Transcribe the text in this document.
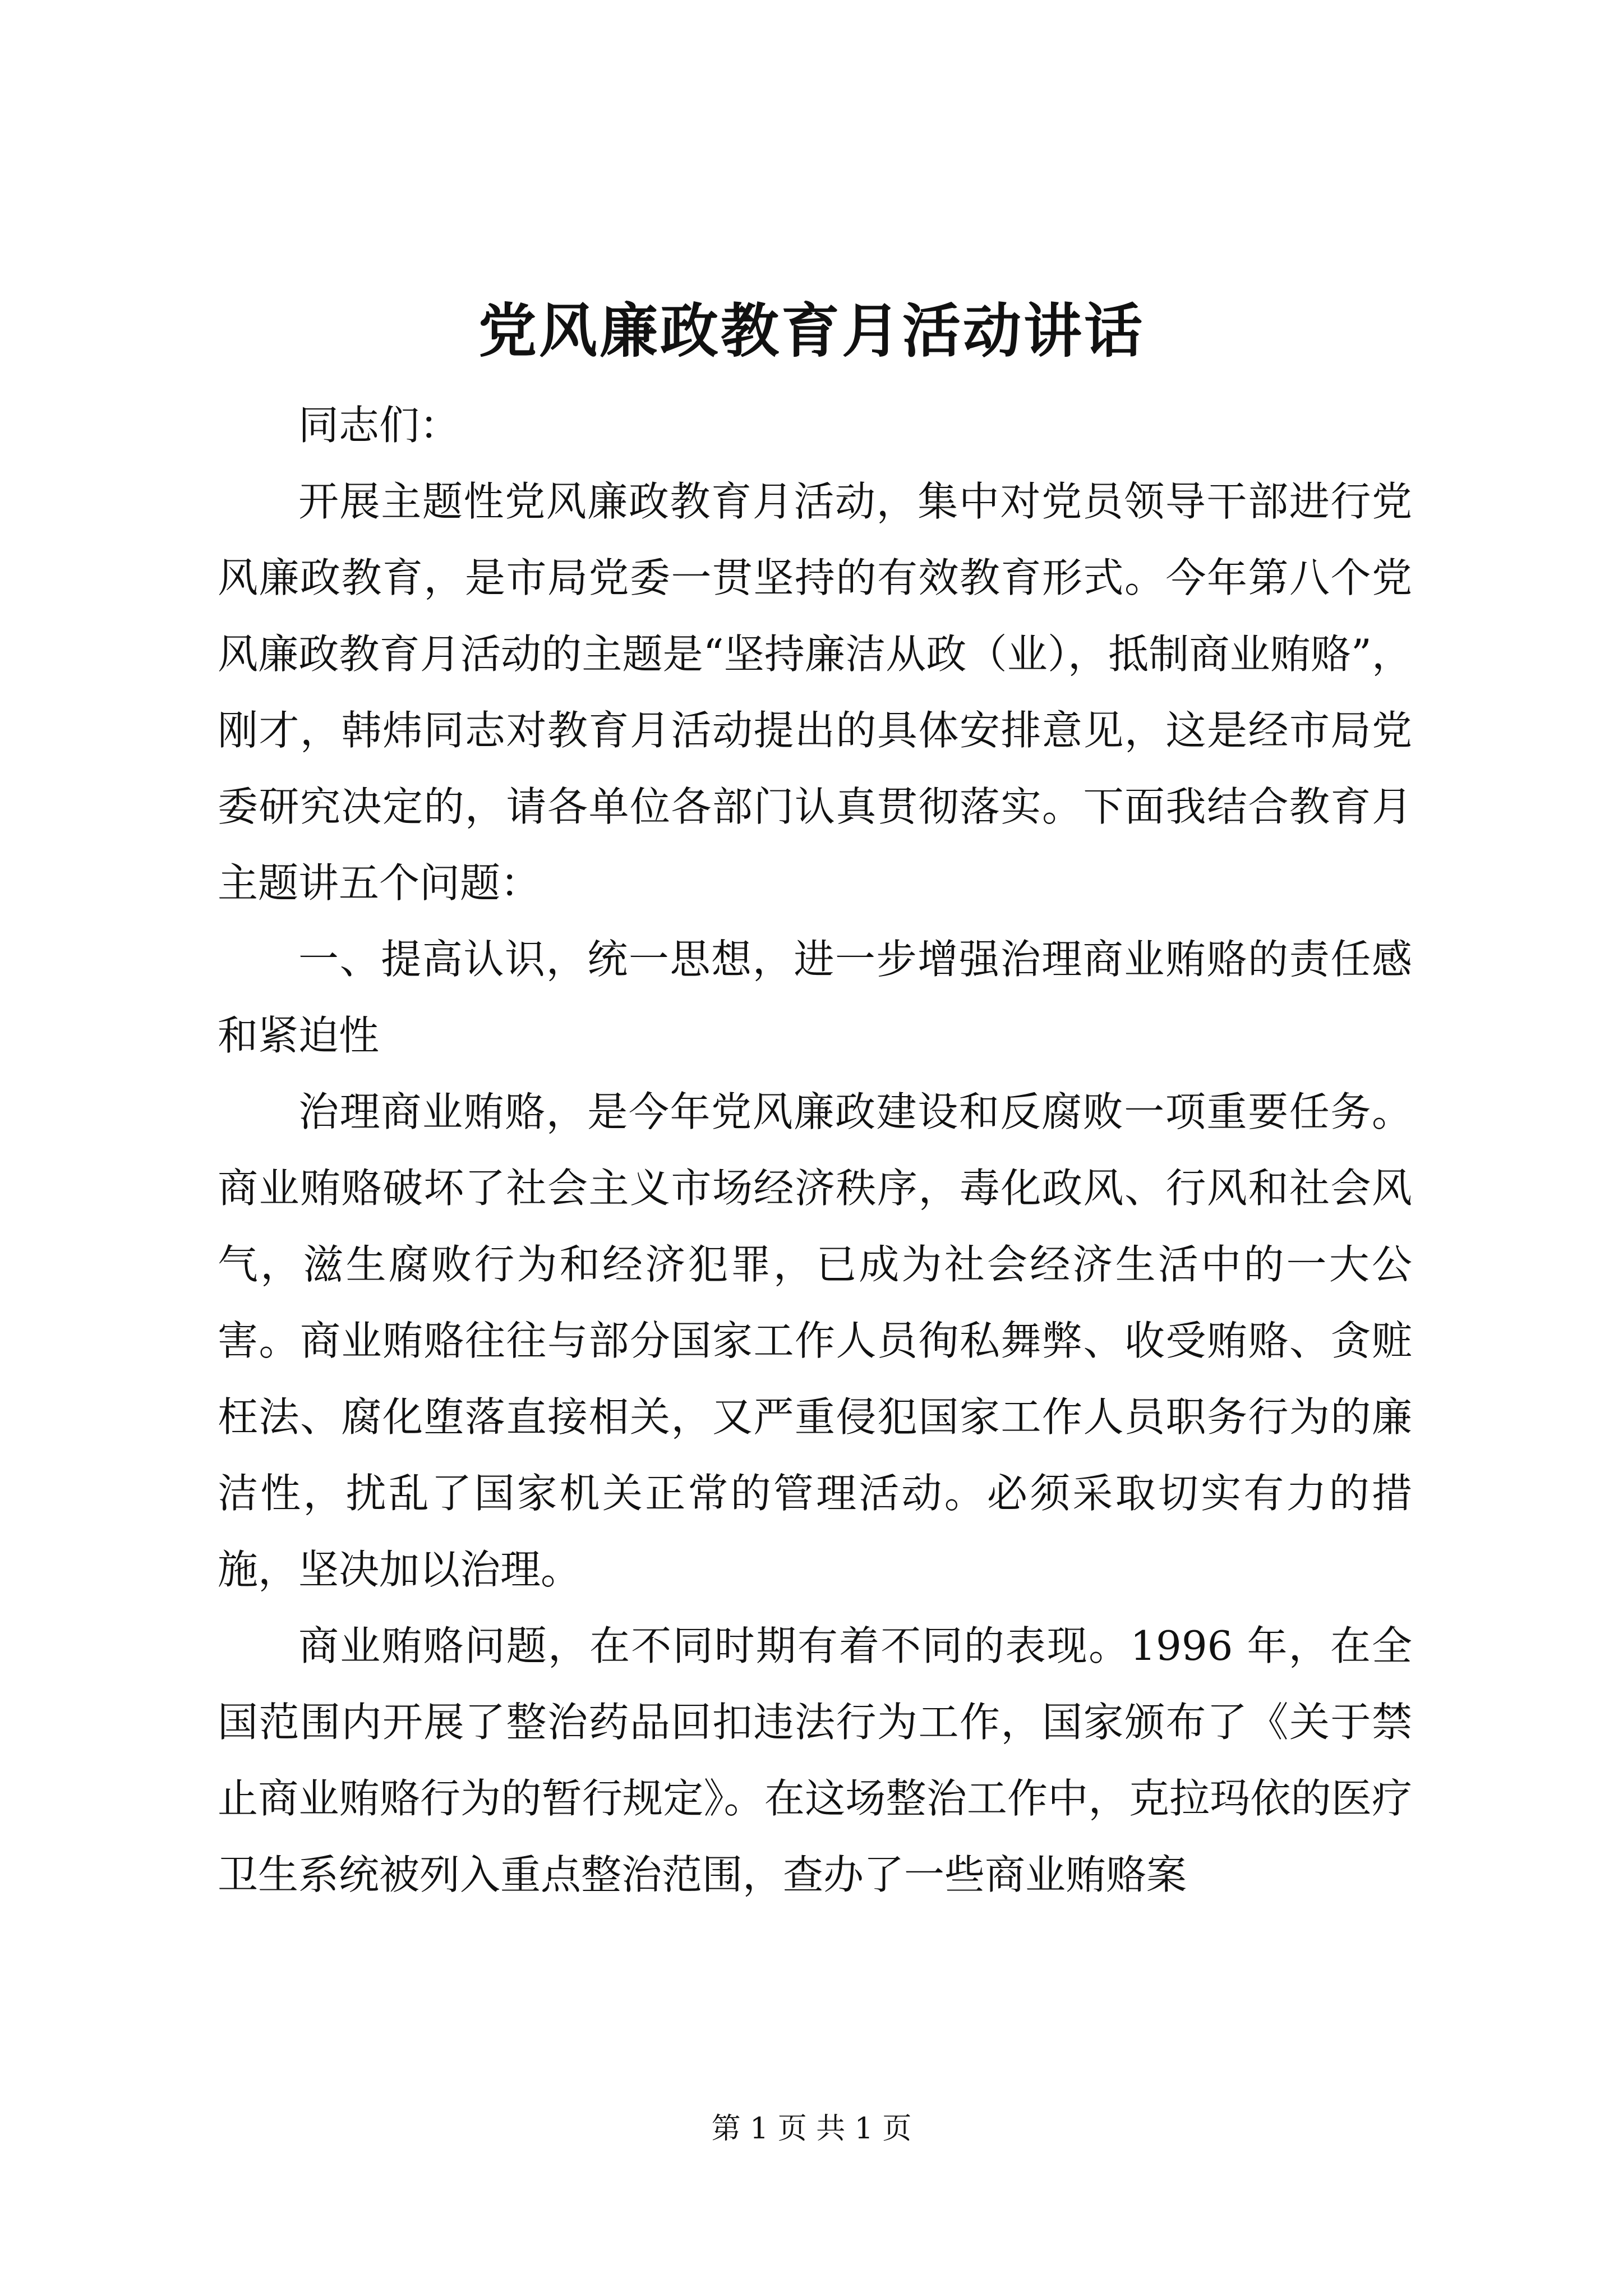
党风廉政教育月活动讲话

同志们：

开展主题性党风廉政教育月活动，集中对党员领导干部进行党风廉政教育，是市局党委一贯坚持的有效教育形式。今年第八个党风廉政教育月活动的主题是“坚持廉洁从政（业），抵制商业贿赂”，刚才，韩炜同志对教育月活动提出的具体安排意见，这是经市局党委研究决定的，请各单位各部门认真贯彻落实。下面我结合教育月主题讲五个问题：

一、提高认识，统一思想，进一步增强治理商业贿赂的责任感和紧迫性

治理商业贿赂，是今年党风廉政建设和反腐败一项重要任务。商业贿赂破坏了社会主义市场经济秩序，毒化政风、行风和社会风气，滋生腐败行为和经济犯罪，已成为社会经济生活中的一大公害。商业贿赂往往与部分国家工作人员徇私舞弊、收受贿赂、贪赃枉法、腐化堕落直接相关，又严重侵犯国家工作人员职务行为的廉洁性，扰乱了国家机关正常的管理活动。必须采取切实有力的措施，坚决加以治理。

商业贿赂问题，在不同时期有着不同的表现。1996 年，在全国范围内开展了整治药品回扣违法行为工作，国家颁布了《关于禁止商业贿赂行为的暂行规定》。在这场整治工作中，克拉玛依的医疗卫生系统被列入重点整治范围，查办了一些商业贿赂案

第 1 页 共 1 页
